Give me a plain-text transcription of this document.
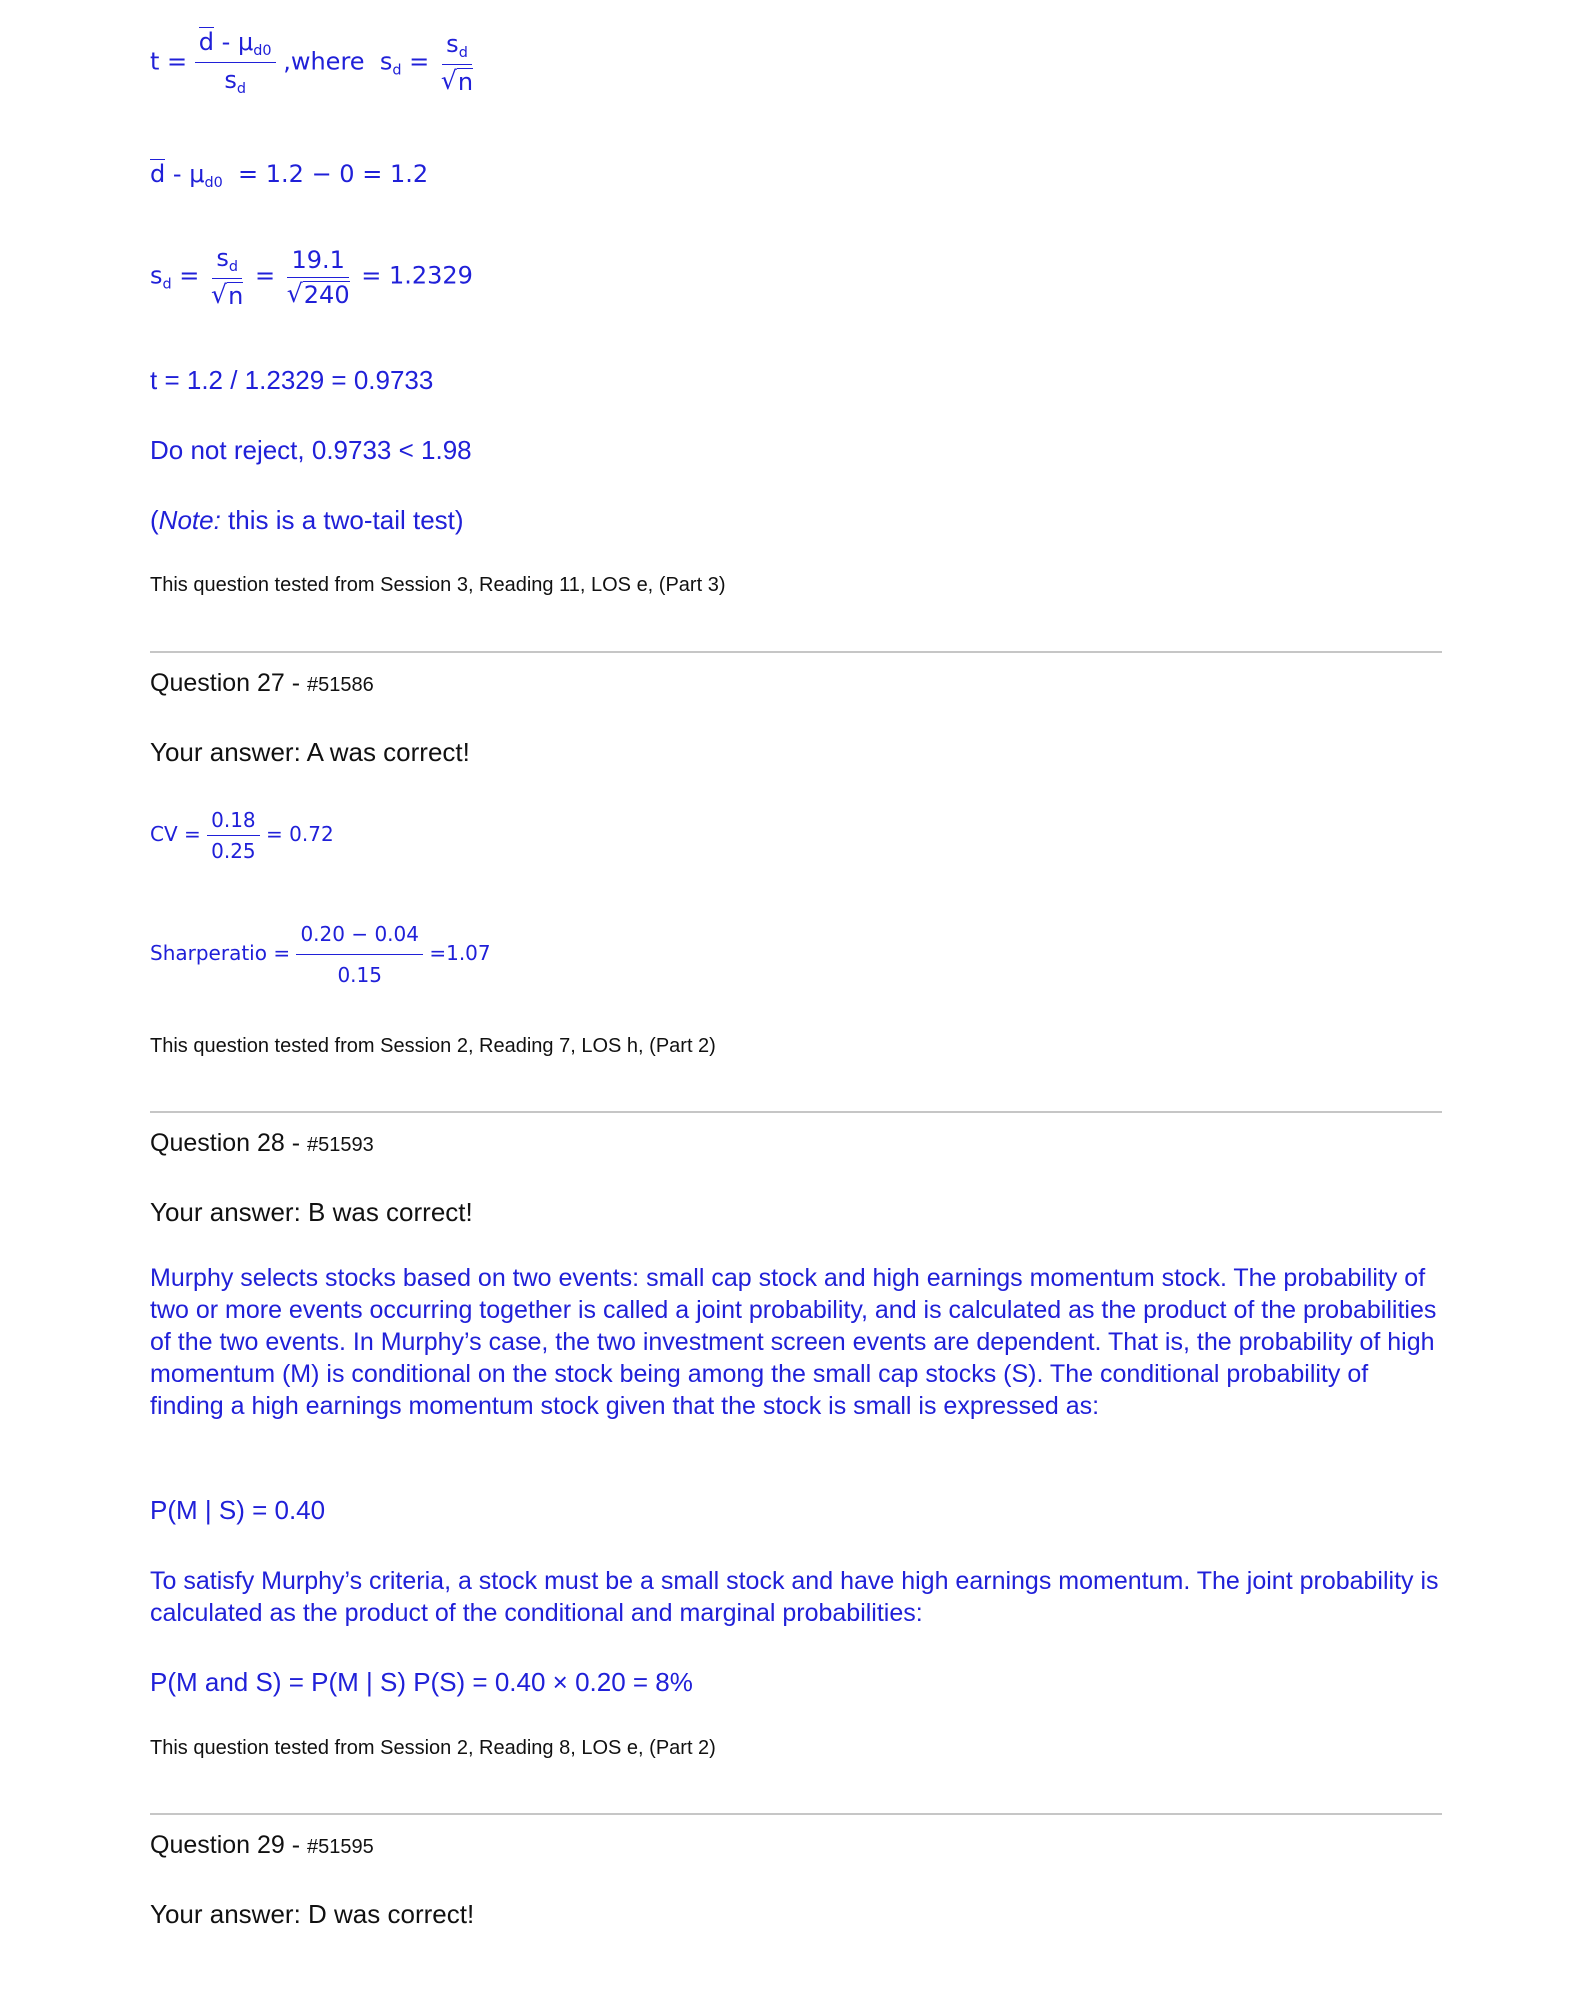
$t = \frac{d - \mu_{d0}}{s_d}$ ,where $s_d = \frac{s_d}{√ n}$
$d - \mu_{d0} = 1.2 - 0 = 1.2$
$s_d = \frac{s_d}{√ n} = \frac{19.1}{√ 240} = 1.2329$
t = 1.2 / 1.2329 = 0.9733
Do not reject, 0.9733 < 1.98
(Note: this is a two-tail test)
This question tested from Session 3, Reading 11, LOS e, (Part 3)
Question 27 - #51586
Your answer: A was correct!
CV = $\frac{0.18}{0.25} = 0.72$
Sharperatio = $\frac{0.20 - 0.04}{0.15} =1.07$
This question tested from Session 2, Reading 7, LOS h, (Part 2)
Question 28 - #51593
Your answer: B was correct!
Murphy selects stocks based on two events: small cap stock and high earnings momentum stock. The probability of two or more events occurring together is called a joint probability, and is calculated as the product of the probabilities of the two events. In Murphy’s case, the two investment screen events are dependent. That is, the probability of high momentum (M) is conditional on the stock being among the small cap stocks (S). The conditional probability of finding a high earnings momentum stock given that the stock is small is expressed as:
P(M | S) = 0.40
To satisfy Murphy’s criteria, a stock must be a small stock and have high earnings momentum. The joint probability is calculated as the product of the conditional and marginal probabilities:
P(M and S) = P(M | S) P(S) = 0.40 × 0.20 = 8%
This question tested from Session 2, Reading 8, LOS e, (Part 2)
Question 29 - #51595
Your answer: D was correct!
